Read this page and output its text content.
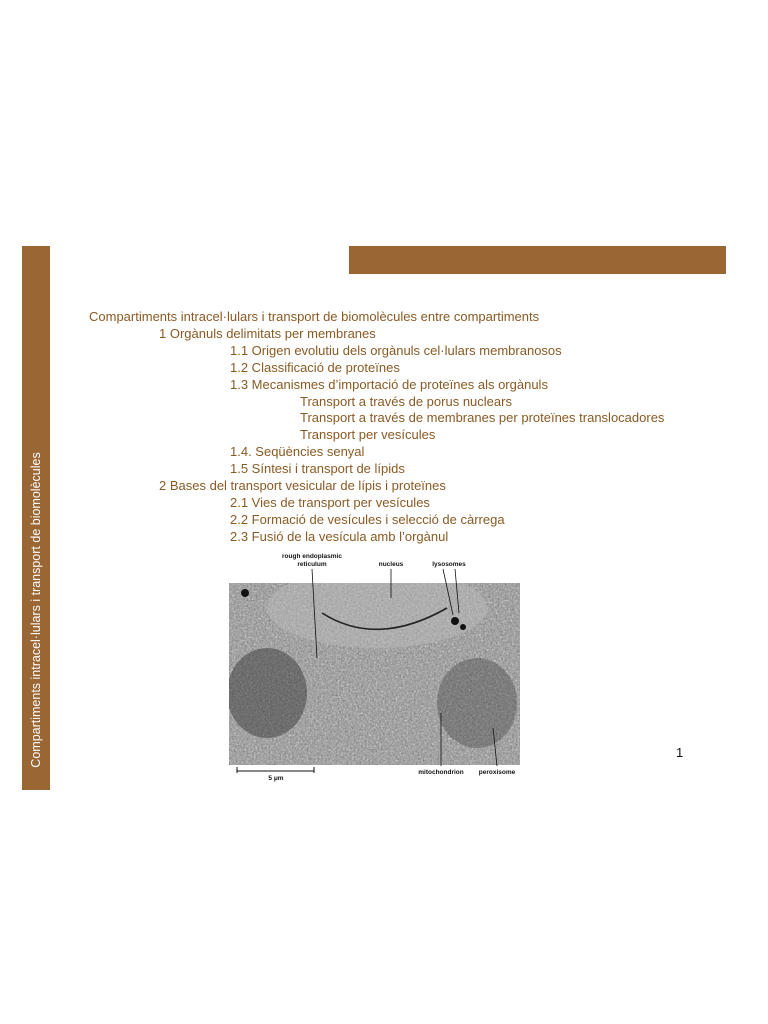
Compartiments intracel·lulars i transport de biomolècules
Compartiments intracel·lulars i transport de biomolècules entre compartiments
1 Orgànuls delimitats per membranes
1.1 Origen evolutiu dels orgànuls cel·lulars membranosos
1.2 Classificació de proteïnes
1.3 Mecanismes d’importació de proteïnes als orgànuls
Transport a través de porus nuclears
Transport a través de membranes per proteïnes translocadores
Transport per vesícules
1.4. Seqüències senyal
1.5 Síntesi i transport de lípids
2 Bases del transport vesicular de lípis i proteïnes
2.1 Vies de transport per vesícules
2.2 Formació de vesícules i selecció de càrrega
2.3 Fusió de la vesícula amb l’orgànul
rough endoplasmic
reticulum	nucleus	lysosomes
mitochondrion peroxisome
5 μm
1
